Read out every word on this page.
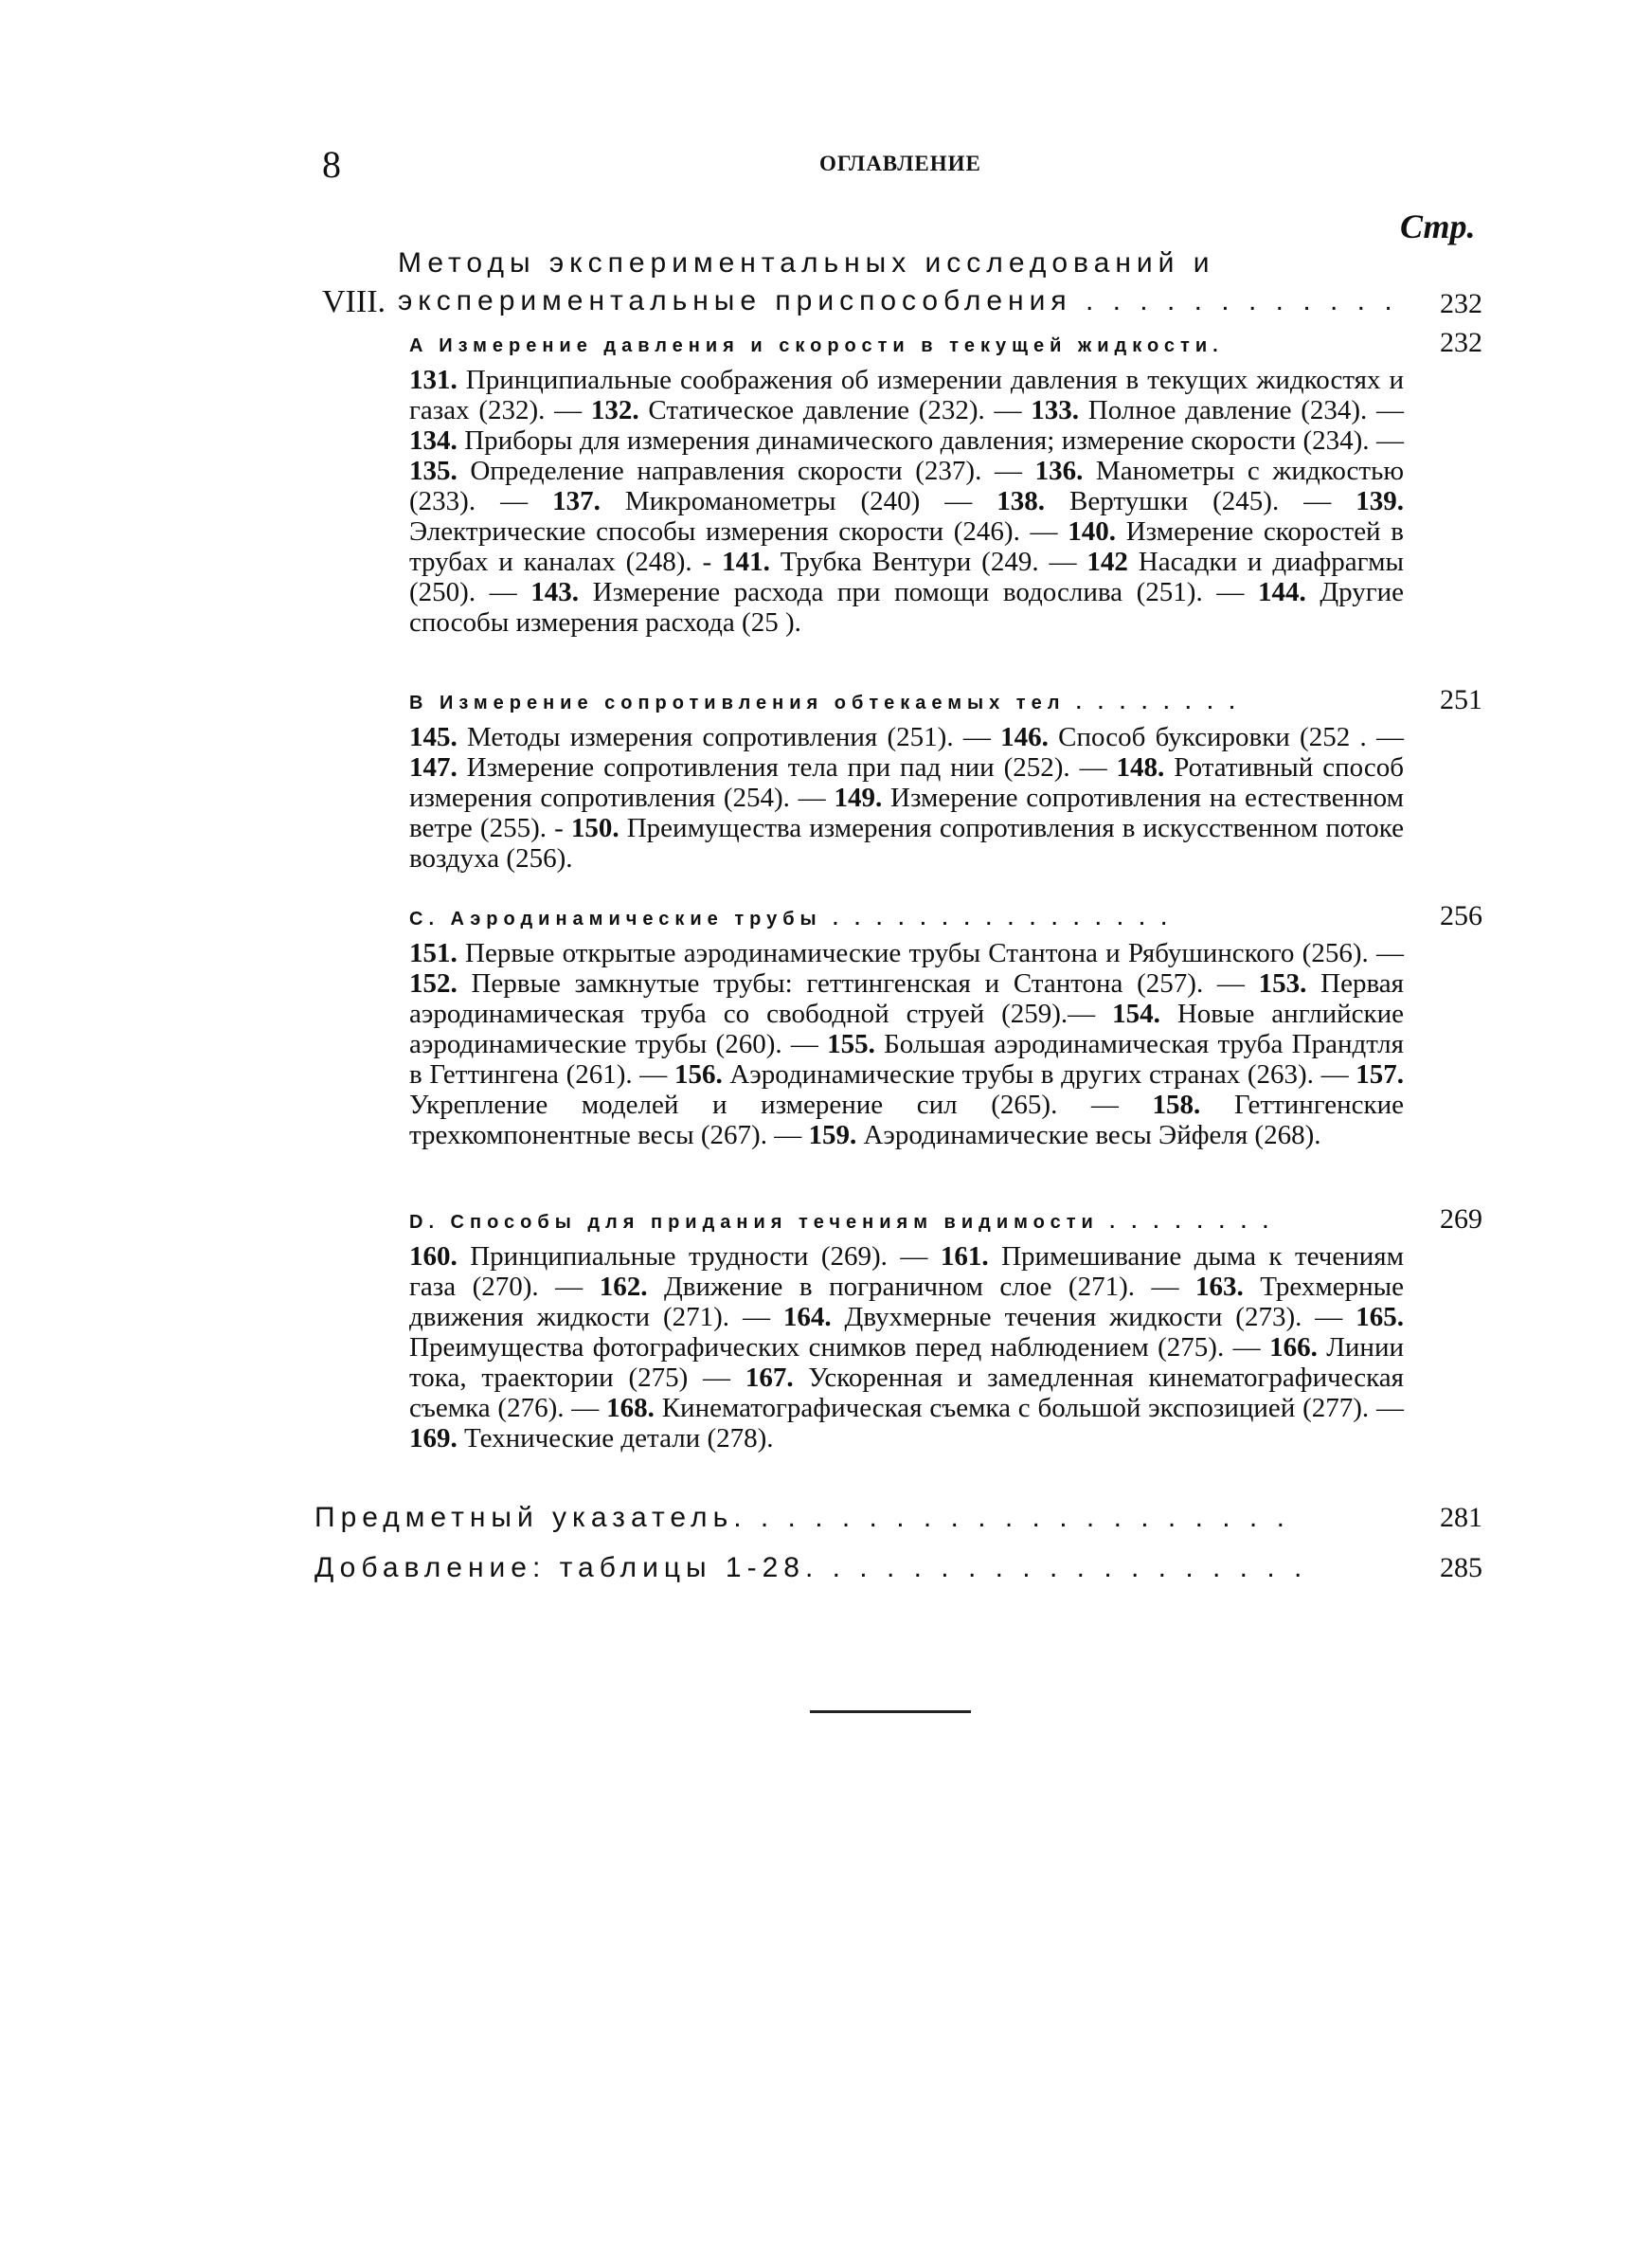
8	ОГЛАВЛЕНИЕ
Стр.
VIII.
Методы экспериментальных исследований и экспериментальные приспособления . . . . . . . . . . . .	232
A Измерение давления и скорости в текущей жидкости.	232
131. Принципиальные соображения об измерении давления в текущих жидкостях и газах (232). — 132. Статическое давление (232). — 133. Полное давление (234). — 134. Приборы для измерения динамического давления; измерение скорости (234). — 135. Определение направления скорости (237). — 136. Манометры с жидкостью (233). — 137. Микроманометры (240) — 138. Вертушки (245). — 139. Электрические способы измерения скорости (246). — 140. Измерение скоростей в трубах и каналах (248). - 141. Трубка Вентури (249. — 142 Насадки и диафрагмы (250). — 143. Измерение расхода при помощи водослива (251). — 144. Другие способы измерения расхода (25 ).
B Измерение сопротивления обтекаемых тел . . . . . . . .	251
145. Методы измерения сопротивления (251). — 146. Способ буксировки (252 . — 147. Измерение сопротивления тела при пад нии (252). — 148. Ротативный способ измерения сопротивления (254). — 149. Измерение сопротивления на естественном ветре (255). - 150. Преимущества измерения сопротивления в искусственном потоке воздуха (256).
C. Аэродинамические трубы . . . . . . . . . . . . . . . .	256
151. Первые открытые аэродинамические трубы Стантона и Рябушинского (256). — 152. Первые замкнутые трубы: геттингенская и Стантона (257). — 153. Первая аэродинамическая труба со свободной струей (259).— 154. Новые английские аэродинамические трубы (260). — 155. Большая аэродинамическая труба Прандтля в Геттингена (261). — 156. Аэродинамические трубы в других странах (263). — 157. Укрепление моделей и измерение сил (265). — 158. Геттингенские трехкомпонентные весы (267). — 159. Аэродинамические весы Эйфеля (268).
D. Способы для придания течениям видимости . . . . . . . .	269
160. Принципиальные трудности (269). — 161. Примешивание дыма к течениям газа (270). — 162. Движение в пограничном слое (271). — 163. Трехмерные движения жидкости (271). — 164. Двухмерные течения жидкости (273). — 165. Преимущества фотографических снимков перед наблюдением (275). — 166. Линии тока, траектории (275) — 167. Ускоренная и замедленная кинематографическая съемка (276). — 168. Кинематографическая съемка с большой экспозицией (277). — 169. Технические детали (278).
Предметный указатель. . . . . . . . . . . . . . . . . . . . .	281
Добавление: таблицы 1-28. . . . . . . . . . . . . . . . . . .	285
